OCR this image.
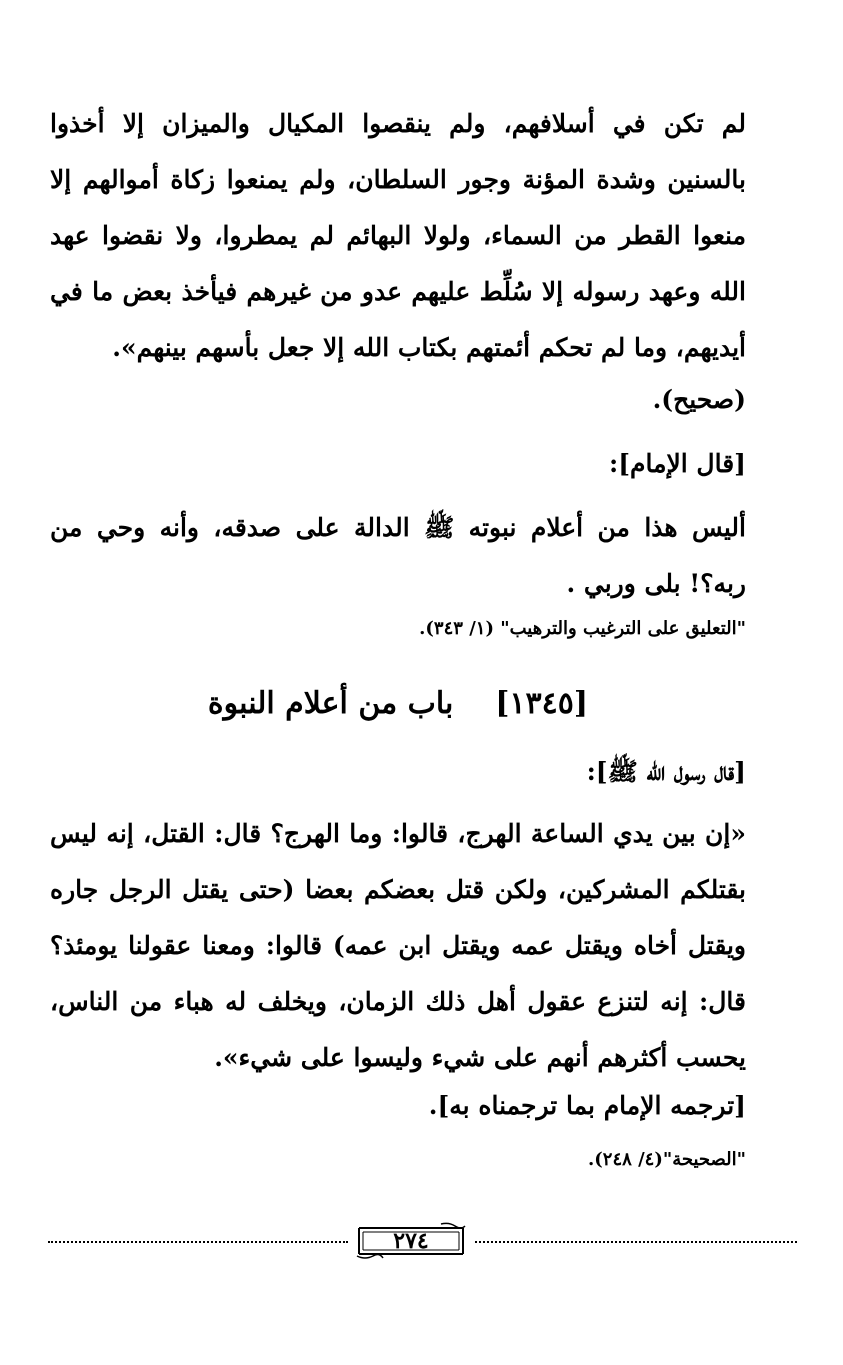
لم تكن في أسلافهم، ولم ينقصوا المكيال والميزان إلا أخذوا بالسنين وشدة المؤنة وجور السلطان، ولم يمنعوا زكاة أموالهم إلا منعوا القطر من السماء، ولولا البهائم لم يمطروا، ولا نقضوا عهد الله وعهد رسوله إلا سُلِّط عليهم عدو من غيرهم فيأخذ بعض ما في أيديهم، وما لم تحكم أئمتهم بكتاب الله إلا جعل بأسهم بينهم».
(صحيح).
[قال الإمام]:
أليس هذا من أعلام نبوته ﷺ الدالة على صدقه، وأنه وحي من ربه؟! بلى وربي .
"التعليق على الترغيب والترهيب" (١/ ٣٤٣).
[١٣٤٥]    باب من أعلام النبوة
[قال رسول الله ﷺ]:
«إن بين يدي الساعة الهرج، قالوا: وما الهرج؟ قال: القتل، إنه ليس بقتلكم المشركين، ولكن قتل بعضكم بعضا (حتى يقتل الرجل جاره ويقتل أخاه ويقتل عمه ويقتل ابن عمه) قالوا: ومعنا عقولنا يومئذ؟ قال: إنه لتنزع عقول أهل ذلك الزمان، ويخلف له هباء من الناس، يحسب أكثرهم أنهم على شيء وليسوا على شيء».
[ترجمه الإمام بما ترجمناه به].
"الصحيحة"(٤/ ٢٤٨).
٢٧٤
